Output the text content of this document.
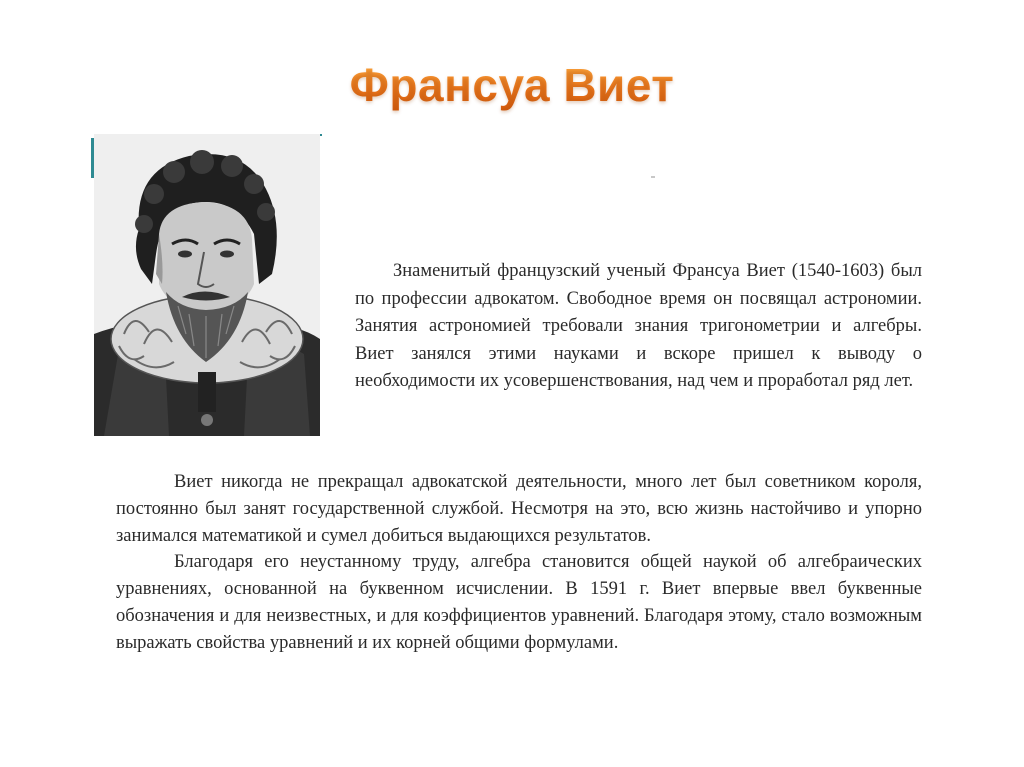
Франсуа Виет

Знаменитый французский ученый Франсуа Виет (1540-1603) был по профессии адвокатом. Свободное время он посвящал астрономии. Занятия астрономией требовали знания тригонометрии и алгебры. Виет занялся этими науками и вскоре пришел к выводу о необходимости их усовершенствования, над чем и проработал ряд лет.

Виет никогда не прекращал адвокатской деятельности, много лет был советником короля, постоянно был занят государственной службой. Несмотря на это, всю жизнь настойчиво и упорно занимался математикой и сумел добиться выдающихся результатов.

Благодаря его неустанному труду, алгебра становится общей наукой об алгебраических уравнениях, основанной на буквенном исчислении. В 1591 г. Виет впервые ввел буквенные обозначения и для неизвестных, и для коэффициентов уравнений. Благодаря этому, стало возможным выражать свойства уравнений и их корней общими формулами.
